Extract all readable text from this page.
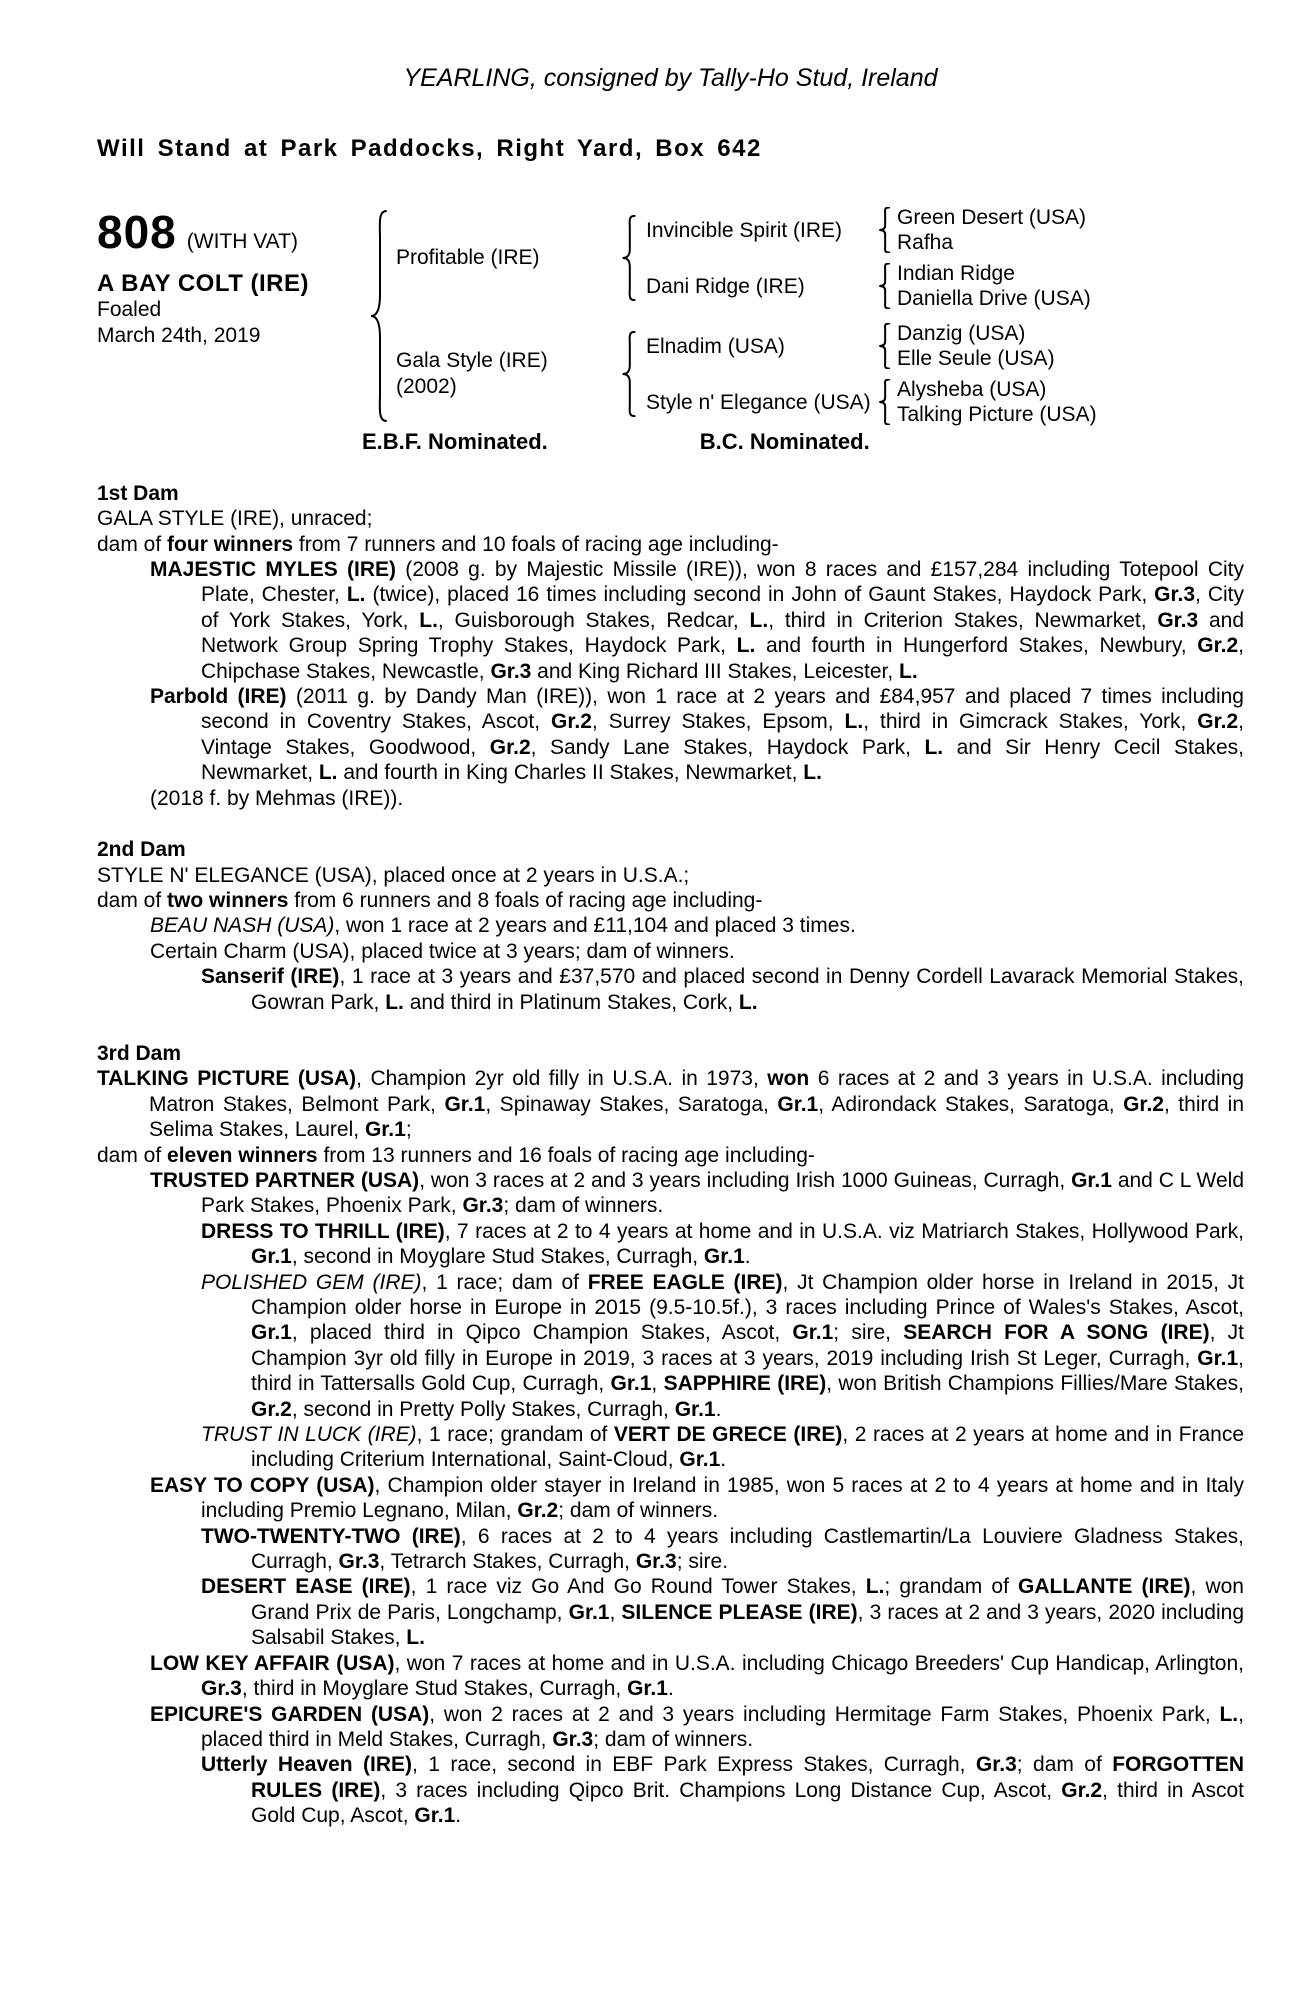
YEARLING, consigned by Tally-Ho Stud, Ireland
Will Stand at Park Paddocks, Right Yard, Box 642
808 (WITH VAT)
A BAY COLT (IRE)
Foaled
March 24th, 2019
Profitable (IRE)
Invincible Spirit (IRE)
Green Desert (USA)
Rafha
Dani Ridge (IRE)
Indian Ridge
Daniella Drive (USA)
Gala Style (IRE)
(2002)
Elnadim (USA)
Danzig (USA)
Elle Seule (USA)
Style n' Elegance (USA)
Alysheba (USA)
Talking Picture (USA)
E.B.F. Nominated.	B.C. Nominated.
1st Dam
GALA STYLE (IRE), unraced;
dam of four winners from 7 runners and 10 foals of racing age including-
MAJESTIC MYLES (IRE) (2008 g. by Majestic Missile (IRE)), won 8 races and £157,284 including Totepool City Plate, Chester, L. (twice), placed 16 times including second in John of Gaunt Stakes, Haydock Park, Gr.3, City of York Stakes, York, L., Guisborough Stakes, Redcar, L., third in Criterion Stakes, Newmarket, Gr.3 and Network Group Spring Trophy Stakes, Haydock Park, L. and fourth in Hungerford Stakes, Newbury, Gr.2, Chipchase Stakes, Newcastle, Gr.3 and King Richard III Stakes, Leicester, L.
Parbold (IRE) (2011 g. by Dandy Man (IRE)), won 1 race at 2 years and £84,957 and placed 7 times including second in Coventry Stakes, Ascot, Gr.2, Surrey Stakes, Epsom, L., third in Gimcrack Stakes, York, Gr.2, Vintage Stakes, Goodwood, Gr.2, Sandy Lane Stakes, Haydock Park, L. and Sir Henry Cecil Stakes, Newmarket, L. and fourth in King Charles II Stakes, Newmarket, L.
(2018 f. by Mehmas (IRE)).
2nd Dam
STYLE N' ELEGANCE (USA), placed once at 2 years in U.S.A.;
dam of two winners from 6 runners and 8 foals of racing age including-
BEAU NASH (USA), won 1 race at 2 years and £11,104 and placed 3 times.
Certain Charm (USA), placed twice at 3 years; dam of winners.
Sanserif (IRE), 1 race at 3 years and £37,570 and placed second in Denny Cordell Lavarack Memorial Stakes, Gowran Park, L. and third in Platinum Stakes, Cork, L.
3rd Dam
TALKING PICTURE (USA), Champion 2yr old filly in U.S.A. in 1973, won 6 races at 2 and 3 years in U.S.A. including Matron Stakes, Belmont Park, Gr.1, Spinaway Stakes, Saratoga, Gr.1, Adirondack Stakes, Saratoga, Gr.2, third in Selima Stakes, Laurel, Gr.1;
dam of eleven winners from 13 runners and 16 foals of racing age including-
TRUSTED PARTNER (USA), won 3 races at 2 and 3 years including Irish 1000 Guineas, Curragh, Gr.1 and C L Weld Park Stakes, Phoenix Park, Gr.3; dam of winners.
DRESS TO THRILL (IRE), 7 races at 2 to 4 years at home and in U.S.A. viz Matriarch Stakes, Hollywood Park, Gr.1, second in Moyglare Stud Stakes, Curragh, Gr.1.
POLISHED GEM (IRE), 1 race; dam of FREE EAGLE (IRE), Jt Champion older horse in Ireland in 2015, Jt Champion older horse in Europe in 2015 (9.5-10.5f.), 3 races including Prince of Wales's Stakes, Ascot, Gr.1, placed third in Qipco Champion Stakes, Ascot, Gr.1; sire, SEARCH FOR A SONG (IRE), Jt Champion 3yr old filly in Europe in 2019, 3 races at 3 years, 2019 including Irish St Leger, Curragh, Gr.1, third in Tattersalls Gold Cup, Curragh, Gr.1, SAPPHIRE (IRE), won British Champions Fillies/Mare Stakes, Gr.2, second in Pretty Polly Stakes, Curragh, Gr.1.
TRUST IN LUCK (IRE), 1 race; grandam of VERT DE GRECE (IRE), 2 races at 2 years at home and in France including Criterium International, Saint-Cloud, Gr.1.
EASY TO COPY (USA), Champion older stayer in Ireland in 1985, won 5 races at 2 to 4 years at home and in Italy including Premio Legnano, Milan, Gr.2; dam of winners.
TWO-TWENTY-TWO (IRE), 6 races at 2 to 4 years including Castlemartin/La Louviere Gladness Stakes, Curragh, Gr.3, Tetrarch Stakes, Curragh, Gr.3; sire.
DESERT EASE (IRE), 1 race viz Go And Go Round Tower Stakes, L.; grandam of GALLANTE (IRE), won Grand Prix de Paris, Longchamp, Gr.1, SILENCE PLEASE (IRE), 3 races at 2 and 3 years, 2020 including Salsabil Stakes, L.
LOW KEY AFFAIR (USA), won 7 races at home and in U.S.A. including Chicago Breeders' Cup Handicap, Arlington, Gr.3, third in Moyglare Stud Stakes, Curragh, Gr.1.
EPICURE'S GARDEN (USA), won 2 races at 2 and 3 years including Hermitage Farm Stakes, Phoenix Park, L., placed third in Meld Stakes, Curragh, Gr.3; dam of winners.
Utterly Heaven (IRE), 1 race, second in EBF Park Express Stakes, Curragh, Gr.3; dam of FORGOTTEN RULES (IRE), 3 races including Qipco Brit. Champions Long Distance Cup, Ascot, Gr.2, third in Ascot Gold Cup, Ascot, Gr.1.
